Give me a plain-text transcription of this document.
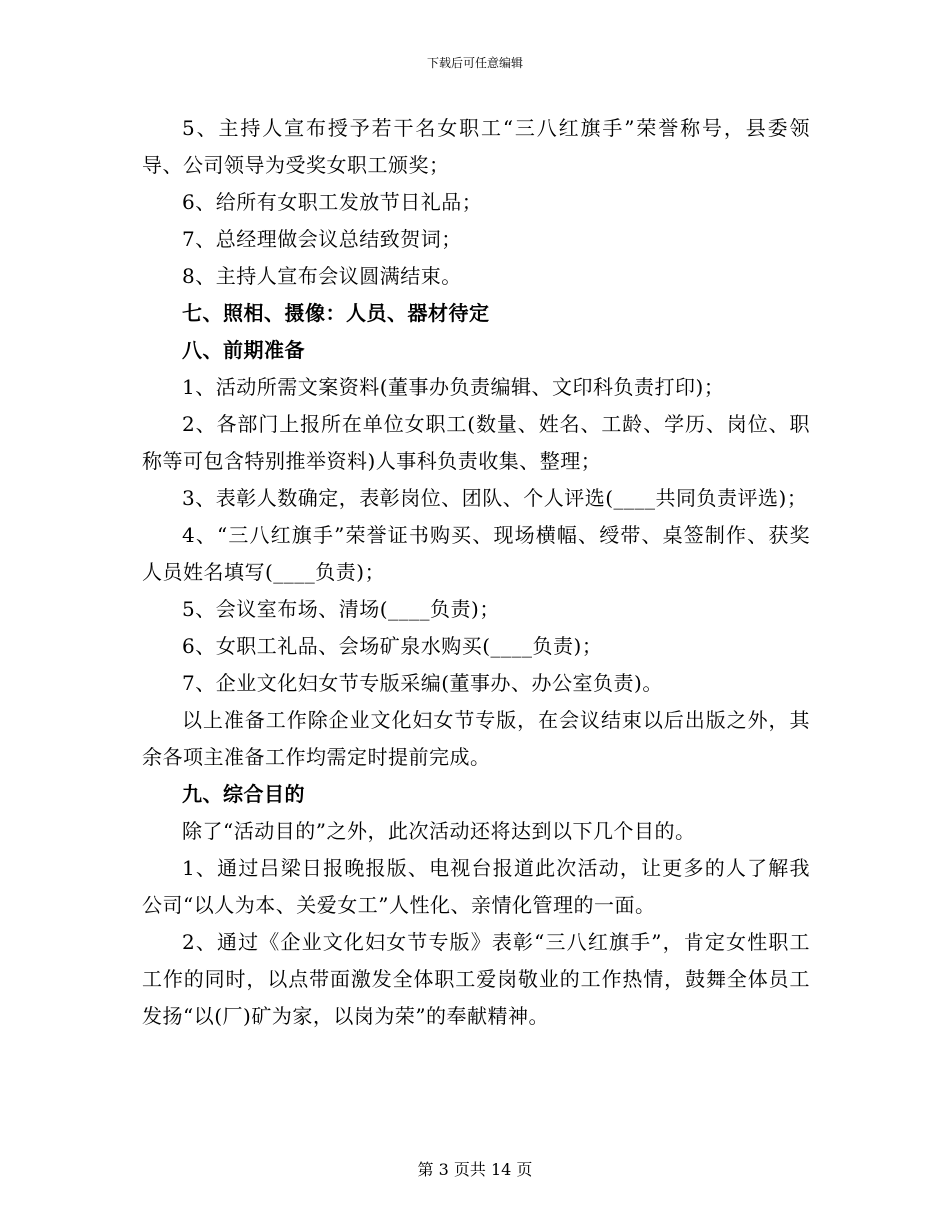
下载后可任意编辑

5、主持人宣布授予若干名女职工“三八红旗手”荣誉称号，县委领导、公司领导为受奖女职工颁奖；

6、给所有女职工发放节日礼品；

7、总经理做会议总结致贺词；

8、主持人宣布会议圆满结束。

七、照相、摄像：人员、器材待定

八、前期准备

1、活动所需文案资料(董事办负责编辑、文印科负责打印)；

2、各部门上报所在单位女职工(数量、姓名、工龄、学历、岗位、职称等可包含特别推举资料)人事科负责收集、整理；

3、表彰人数确定，表彰岗位、团队、个人评选(____共同负责评选)；

4、“三八红旗手”荣誉证书购买、现场横幅、绶带、桌签制作、获奖人员姓名填写(____负责)；

5、会议室布场、清场(____负责)；

6、女职工礼品、会场矿泉水购买(____负责)；

7、企业文化妇女节专版采编(董事办、办公室负责)。

以上准备工作除企业文化妇女节专版，在会议结束以后出版之外，其余各项主准备工作均需定时提前完成。

九、综合目的

除了“活动目的”之外，此次活动还将达到以下几个目的。

1、通过吕梁日报晚报版、电视台报道此次活动，让更多的人了解我公司“以人为本、关爱女工”人性化、亲情化管理的一面。

2、通过《企业文化妇女节专版》表彰“三八红旗手”，肯定女性职工工作的同时，以点带面激发全体职工爱岗敬业的工作热情，鼓舞全体员工发扬“以(厂)矿为家，以岗为荣”的奉献精神。

第 3 页共 14 页
